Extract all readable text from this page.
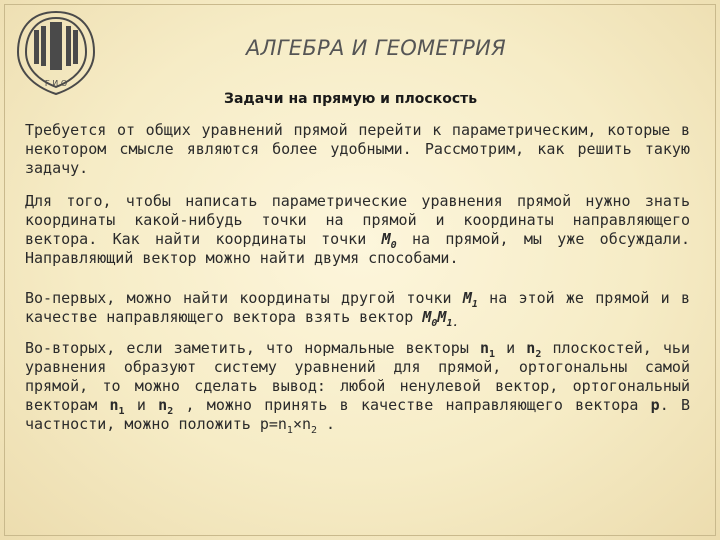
Г И О
АЛГЕБРА И ГЕОМЕТРИЯ
Задачи на прямую и плоскость

Требуется от общих уравнений прямой перейти к параметрическим, которые в некотором смысле являются более удобными. Рассмотрим, как решить такую задачу.

Для того, чтобы написать параметрические уравнения прямой нужно знать координаты какой-нибудь точки на прямой и координаты направляющего вектора. Как найти координаты точки $M_0$ на прямой, мы уже обсуждали. Направляющий вектор можно найти двумя способами.

Во-первых, можно найти координаты другой точки $M_1$ на этой же прямой и в качестве направляющего вектора взять вектор $M_0M_{1.}$

Во-вторых, если заметить, что нормальные векторы $n_1$ и $n_2$ плоскостей, чьи уравнения образуют систему уравнений для прямой, ортогональны самой прямой, то можно сделать вывод: любой ненулевой вектор, ортогональный векторам $n_1$ и $n_2$ , можно принять в качестве направляющего вектора p. В частности, можно положить $p=n_1\times n_2$ .
